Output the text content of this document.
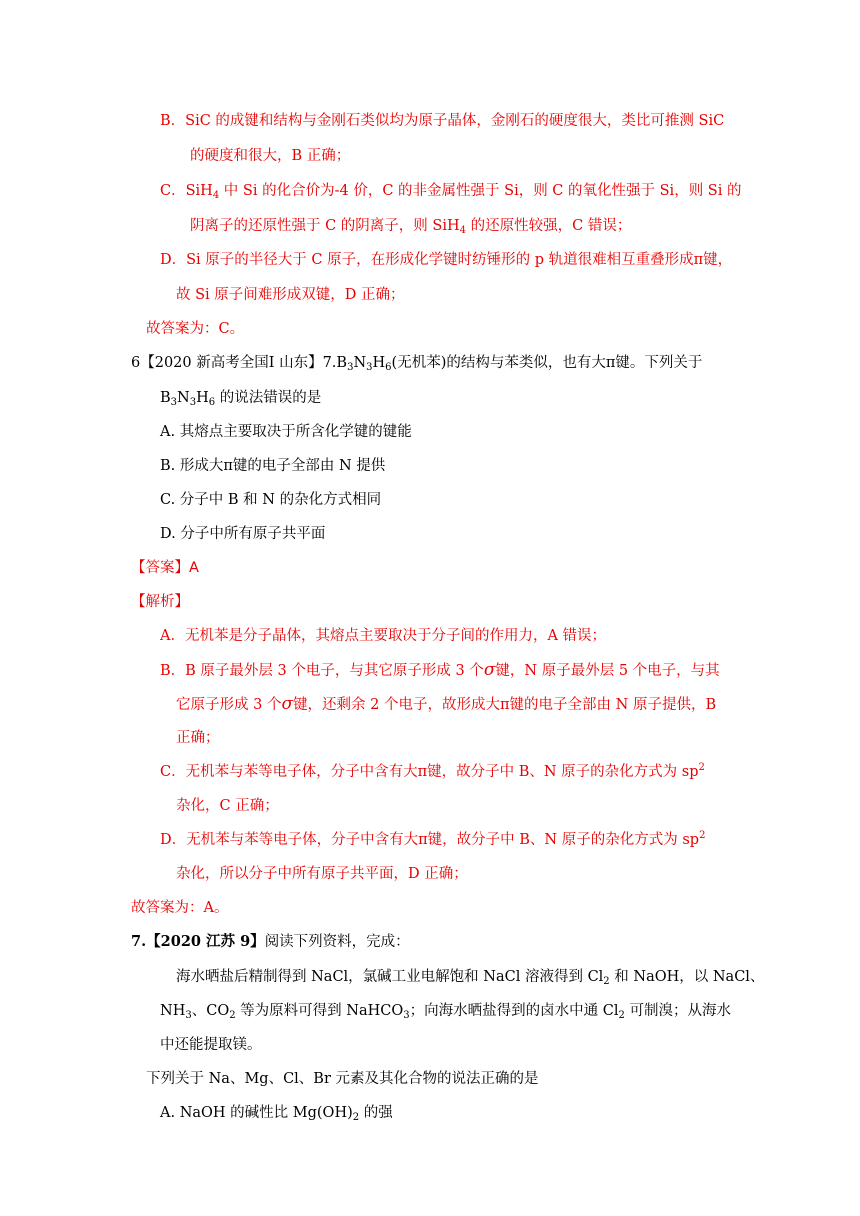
B．SiC 的成键和结构与金刚石类似均为原子晶体，金刚石的硬度很大，类比可推测 SiC
的硬度和很大，B 正确；
C．SiH$_4$ 中 Si 的化合价为-4 价，C 的非金属性强于 Si，则 C 的氧化性强于 Si，则 Si 的
阴离子的还原性强于 C 的阴离子，则 SiH$_4$ 的还原性较强，C 错误；
D．Si 原子的半径大于 C 原子，在形成化学键时纺锤形的 p 轨道很难相互重叠形成π键，
故 Si 原子间难形成双键，D 正确；
故答案为：C。
6【2020 新高考全国Ⅰ 山东】$7.B_3N_3H_6$(无机苯)的结构与苯类似，也有大π键。下列关于
$B_3N_3H_6$ 的说法错误的是
A. 其熔点主要取决于所含化学键的键能
B. 形成大π键的电子全部由 N 提供
C. 分子中 B 和 N 的杂化方式相同
D. 分子中所有原子共平面
【答案】A
【解析】
A．无机苯是分子晶体，其熔点主要取决于分子间的作用力，A 错误；
B．B 原子最外层 3 个电子，与其它原子形成 3 个σ键，N 原子最外层 5 个电子，与其
它原子形成 3 个σ键，还剩余 2 个电子，故形成大π键的电子全部由 N 原子提供，B
正确；
C．无机苯与苯等电子体，分子中含有大π键，故分子中 B、N 原子的杂化方式为 $sp^2$
杂化，C 正确；
D．无机苯与苯等电子体，分子中含有大π键，故分子中 B、N 原子的杂化方式为 $sp^2$
杂化，所以分子中所有原子共平面，D 正确；
故答案为：A。
7.【2020 江苏 9】阅读下列资料，完成：
海水晒盐后精制得到 NaCl，氯碱工业电解饱和 NaCl 溶液得到 $Cl_2$ 和 NaOH，以 NaCl、
$NH_3$、$CO_2$ 等为原料可得到 NaHCO$_3$；向海水晒盐得到的卤水中通 $Cl_2$ 可制溴；从海水
中还能提取镁。
下列关于 Na、Mg、Cl、Br 元素及其化合物的说法正确的是
A. NaOH 的碱性比 $Mg(OH)_2$ 的强
